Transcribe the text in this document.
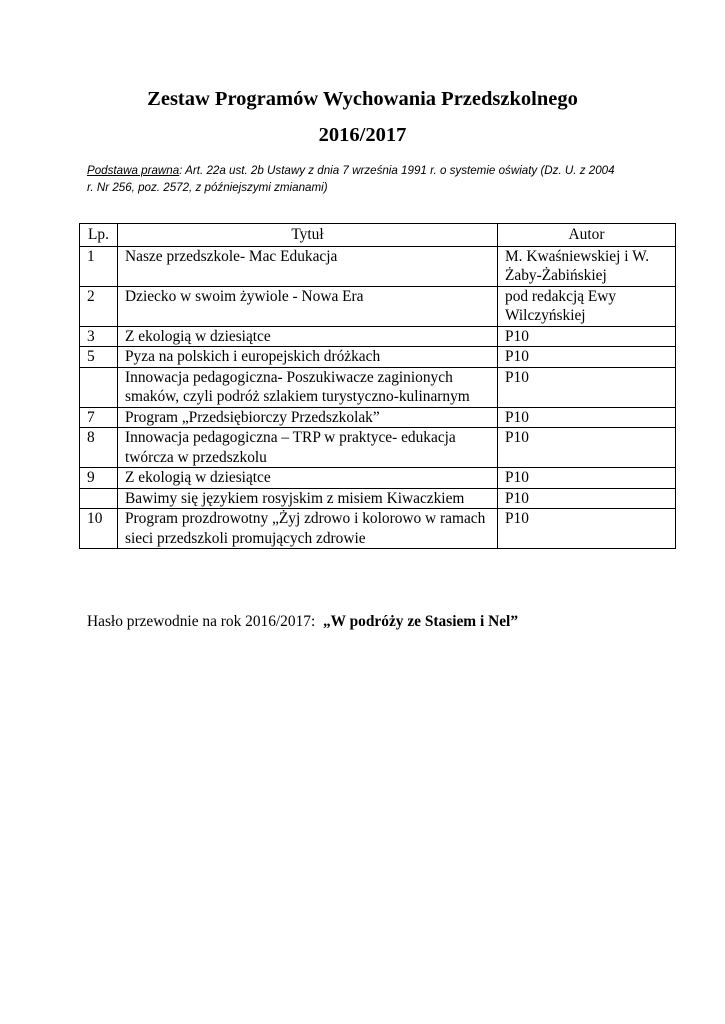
Zestaw Programów Wychowania Przedszkolnego
2016/2017
Podstawa prawna: Art. 22a ust. 2b Ustawy z dnia 7 września 1991 r. o systemie oświaty (Dz. U. z 2004
r. Nr 256, poz. 2572, z późniejszymi zmianami)
Lp.	Tytuł	Autor
1	Nasze przedszkole- Mac Edukacja	M. Kwaśniewskiej i W. Żaby-Żabińskiej
2	Dziecko w swoim żywiole - Nowa Era	pod redakcją Ewy Wilczyńskiej
3	Z ekologią w dziesiątce	P10
5	Pyza na polskich i europejskich dróżkach	P10
	Innowacja pedagogiczna- Poszukiwacze zaginionych smaków, czyli podróż szlakiem turystyczno-kulinarnym	P10
7	Program „Przedsiębiorczy Przedszkolak”	P10
8	Innowacja pedagogiczna – TRP w praktyce- edukacja twórcza w przedszkolu	P10
9	Z ekologią w dziesiątce	P10
	Bawimy się językiem rosyjskim z misiem Kiwaczkiem	P10
10	Program prozdrowotny „Żyj zdrowo i kolorowo w ramach sieci przedszkoli promujących zdrowie	P10
Hasło przewodnie na rok 2016/2017: „W podróży ze Stasiem i Nel”
